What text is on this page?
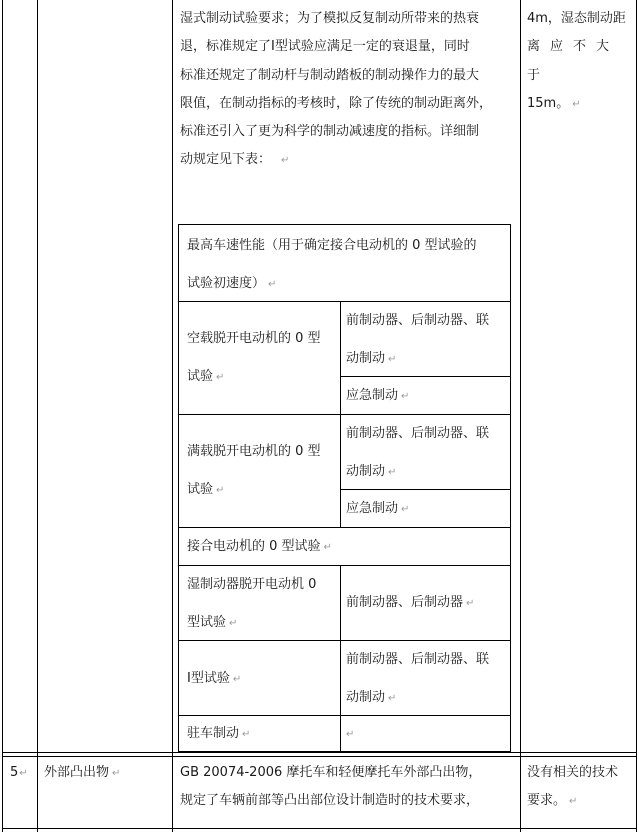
湿式制动试验要求；为了模拟反复制动所带来的热衰
退，标准规定了Ⅰ型试验应满足一定的衰退量，同时
标准还规定了制动杆与制动踏板的制动操作力的最大
限值，在制动指标的考核时，除了传统的制动距离外，
标准还引入了更为科学的制动减速度的指标。详细制
动规定见下表： ↵
4m，湿态制动距
离应不大于
15m。 ↵
最高车速性能（用于确定接合电动机的 0 型试验的
试验初速度） ↵
空载脱开电动机的 0 型
试验 ↵
前制动器、后制动器、联
动制动 ↵
应急制动 ↵
满载脱开电动机的 0 型
试验 ↵
前制动器、后制动器、联
动制动 ↵
应急制动 ↵
接合电动机的 0 型试验 ↵
湿制动器脱开电动机 0
型试验 ↵
前制动器、后制动器 ↵
Ⅰ型试验 ↵
前制动器、后制动器、联
动制动 ↵
驻车制动 ↵	↵
5↵ 外部凸出物 ↵	GB 20074-2006 摩托车和轻便摩托车外部凸出物，
规定了车辆前部等凸出部位设计制造时的技术要求，
没有相关的技术
要求。 ↵
